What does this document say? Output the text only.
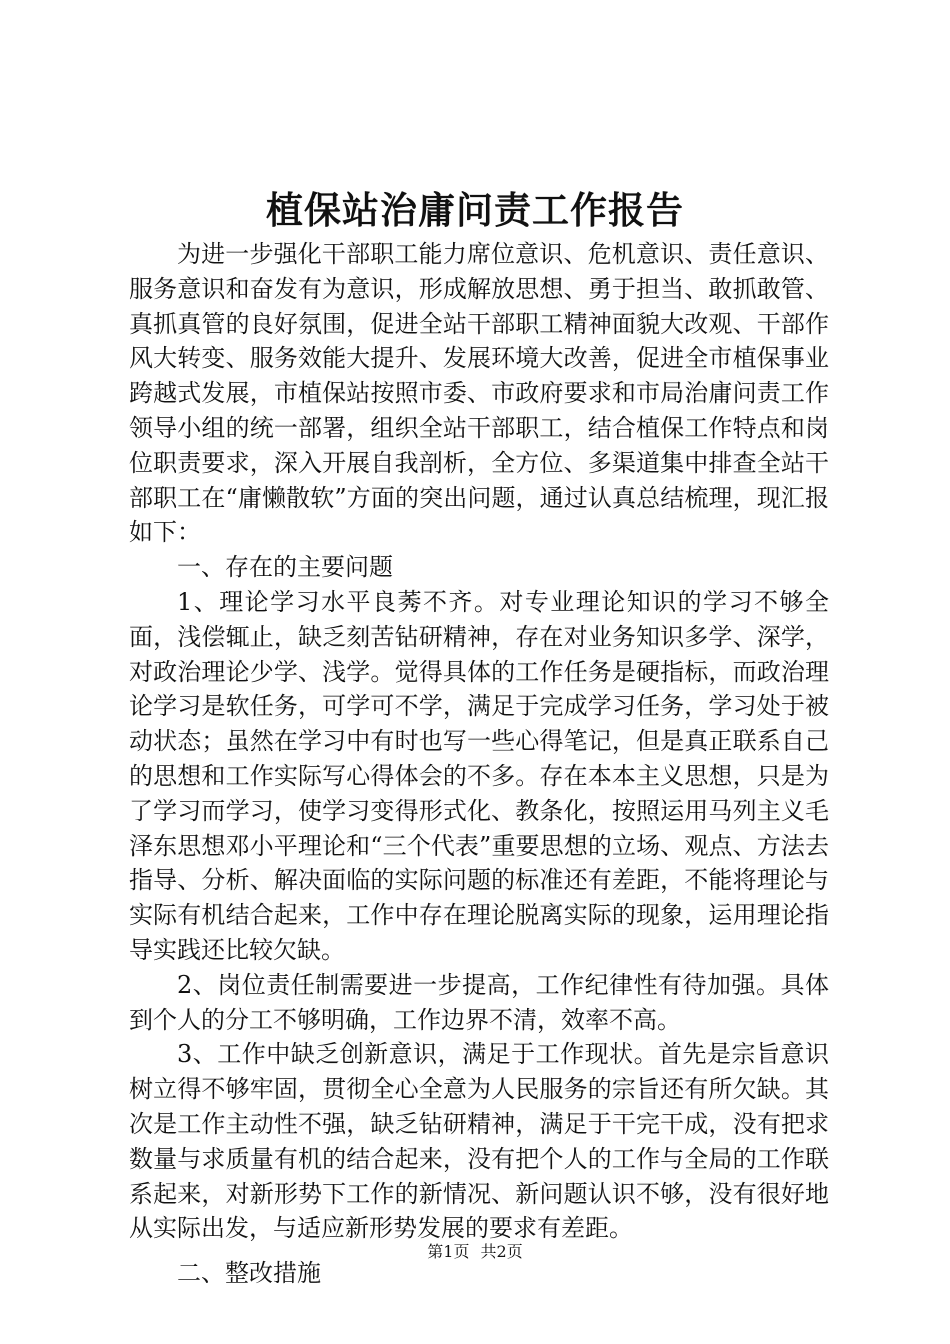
植保站治庸问责工作报告

为进一步强化干部职工能力席位意识、危机意识、责任意识、服务意识和奋发有为意识，形成解放思想、勇于担当、敢抓敢管、真抓真管的良好氛围，促进全站干部职工精神面貌大改观、干部作风大转变、服务效能大提升、发展环境大改善，促进全市植保事业跨越式发展，市植保站按照市委、市政府要求和市局治庸问责工作领导小组的统一部署，组织全站干部职工，结合植保工作特点和岗位职责要求，深入开展自我剖析，全方位、多渠道集中排查全站干部职工在“庸懒散软”方面的突出问题，通过认真总结梳理，现汇报如下：

一、存在的主要问题

1、理论学习水平良莠不齐。对专业理论知识的学习不够全面，浅偿辄止，缺乏刻苦钻研精神，存在对业务知识多学、深学，对政治理论少学、浅学。觉得具体的工作任务是硬指标，而政治理论学习是软任务，可学可不学，满足于完成学习任务，学习处于被动状态；虽然在学习中有时也写一些心得笔记，但是真正联系自己的思想和工作实际写心得体会的不多。存在本本主义思想，只是为了学习而学习，使学习变得形式化、教条化，按照运用马列主义毛泽东思想邓小平理论和“三个代表”重要思想的立场、观点、方法去指导、分析、解决面临的实际问题的标准还有差距，不能将理论与实际有机结合起来，工作中存在理论脱离实际的现象，运用理论指导实践还比较欠缺。

2、岗位责任制需要进一步提高，工作纪律性有待加强。具体到个人的分工不够明确，工作边界不清，效率不高。

3、工作中缺乏创新意识，满足于工作现状。首先是宗旨意识树立得不够牢固，贯彻全心全意为人民服务的宗旨还有所欠缺。其次是工作主动性不强，缺乏钻研精神，满足于干完干成，没有把求数量与求质量有机的结合起来，没有把个人的工作与全局的工作联系起来，对新形势下工作的新情况、新问题认识不够，没有很好地从实际出发，与适应新形势发展的要求有差距。

二、整改措施

第1页 共2页
